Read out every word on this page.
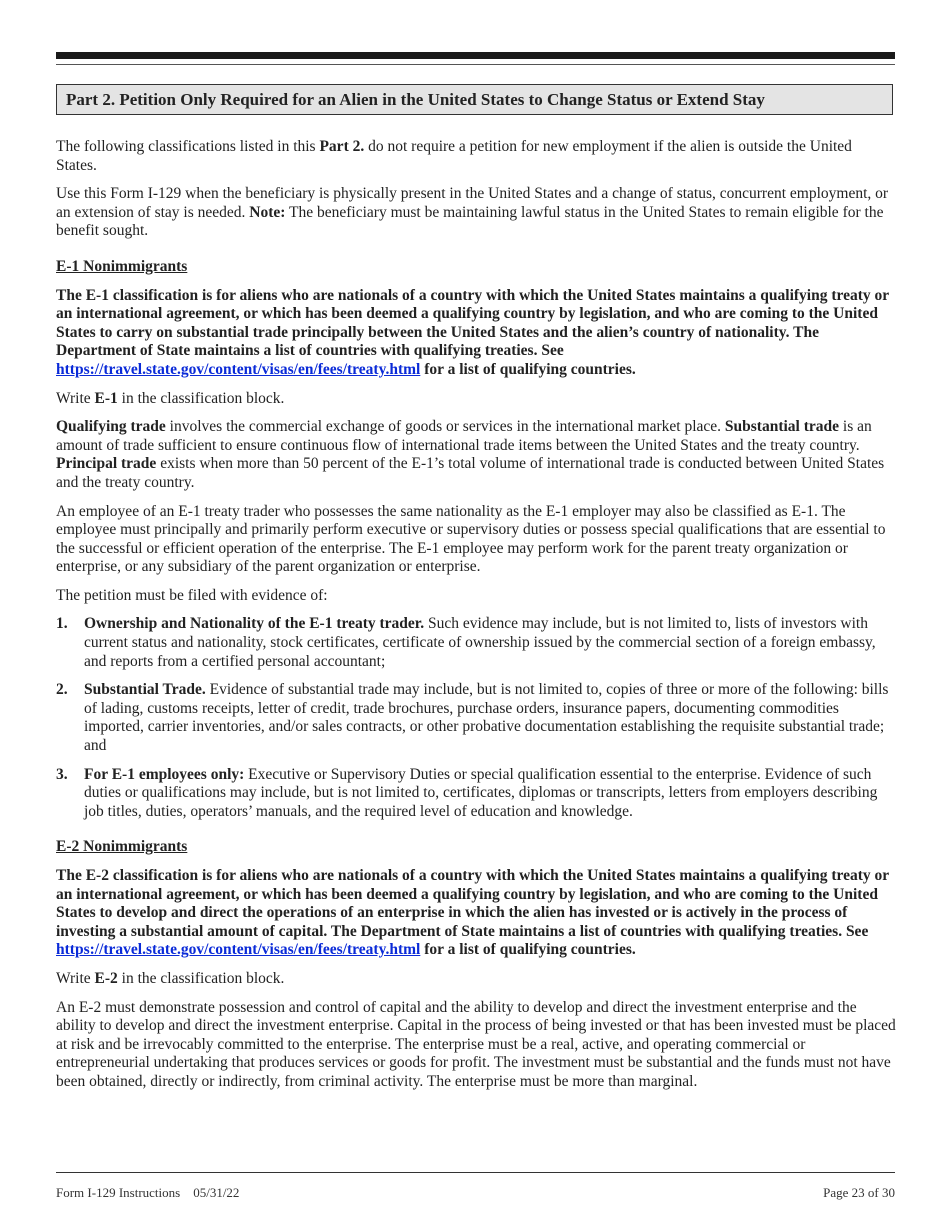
Part 2. Petition Only Required for an Alien in the United States to Change Status or Extend Stay

The following classifications listed in this Part 2. do not require a petition for new employment if the alien is outside the United States.

Use this Form I-129 when the beneficiary is physically present in the United States and a change of status, concurrent employment, or an extension of stay is needed. Note: The beneficiary must be maintaining lawful status in the United States to remain eligible for the benefit sought.

E-1 Nonimmigrants

The E-1 classification is for aliens who are nationals of a country with which the United States maintains a qualifying treaty or an international agreement, or which has been deemed a qualifying country by legislation, and who are coming to the United States to carry on substantial trade principally between the United States and the alien’s country of nationality. The Department of State maintains a list of countries with qualifying treaties. See https://travel.state.gov/content/visas/en/fees/treaty.html for a list of qualifying countries.

Write E-1 in the classification block.

Qualifying trade involves the commercial exchange of goods or services in the international market place. Substantial trade is an amount of trade sufficient to ensure continuous flow of international trade items between the United States and the treaty country. Principal trade exists when more than 50 percent of the E-1’s total volume of international trade is conducted between United States and the treaty country.

An employee of an E-1 treaty trader who possesses the same nationality as the E-1 employer may also be classified as E-1. The employee must principally and primarily perform executive or supervisory duties or possess special qualifications that are essential to the successful or efficient operation of the enterprise. The E-1 employee may perform work for the parent treaty organization or enterprise, or any subsidiary of the parent organization or enterprise.

The petition must be filed with evidence of:

1. Ownership and Nationality of the E-1 treaty trader. Such evidence may include, but is not limited to, lists of investors with current status and nationality, stock certificates, certificate of ownership issued by the commercial section of a foreign embassy, and reports from a certified personal accountant;
2. Substantial Trade. Evidence of substantial trade may include, but is not limited to, copies of three or more of the following: bills of lading, customs receipts, letter of credit, trade brochures, purchase orders, insurance papers, documenting commodities imported, carrier inventories, and/or sales contracts, or other probative documentation establishing the requisite substantial trade; and
3. For E-1 employees only: Executive or Supervisory Duties or special qualification essential to the enterprise. Evidence of such duties or qualifications may include, but is not limited to, certificates, diplomas or transcripts, letters from employers describing job titles, duties, operators’ manuals, and the required level of education and knowledge.
E-2 Nonimmigrants

The E-2 classification is for aliens who are nationals of a country with which the United States maintains a qualifying treaty or an international agreement, or which has been deemed a qualifying country by legislation, and who are coming to the United States to develop and direct the operations of an enterprise in which the alien has invested or is actively in the process of investing a substantial amount of capital. The Department of State maintains a list of countries with qualifying treaties. See https://travel.state.gov/content/visas/en/fees/treaty.html for a list of qualifying countries.

Write E-2 in the classification block.

An E-2 must demonstrate possession and control of capital and the ability to develop and direct the investment enterprise and the ability to develop and direct the investment enterprise. Capital in the process of being invested or that has been invested must be placed at risk and be irrevocably committed to the enterprise. The enterprise must be a real, active, and operating commercial or entrepreneurial undertaking that produces services or goods for profit. The investment must be substantial and the funds must not have been obtained, directly or indirectly, from criminal activity. The enterprise must be more than marginal.

Form I-129 Instructions    05/31/22	Page 23 of 30
